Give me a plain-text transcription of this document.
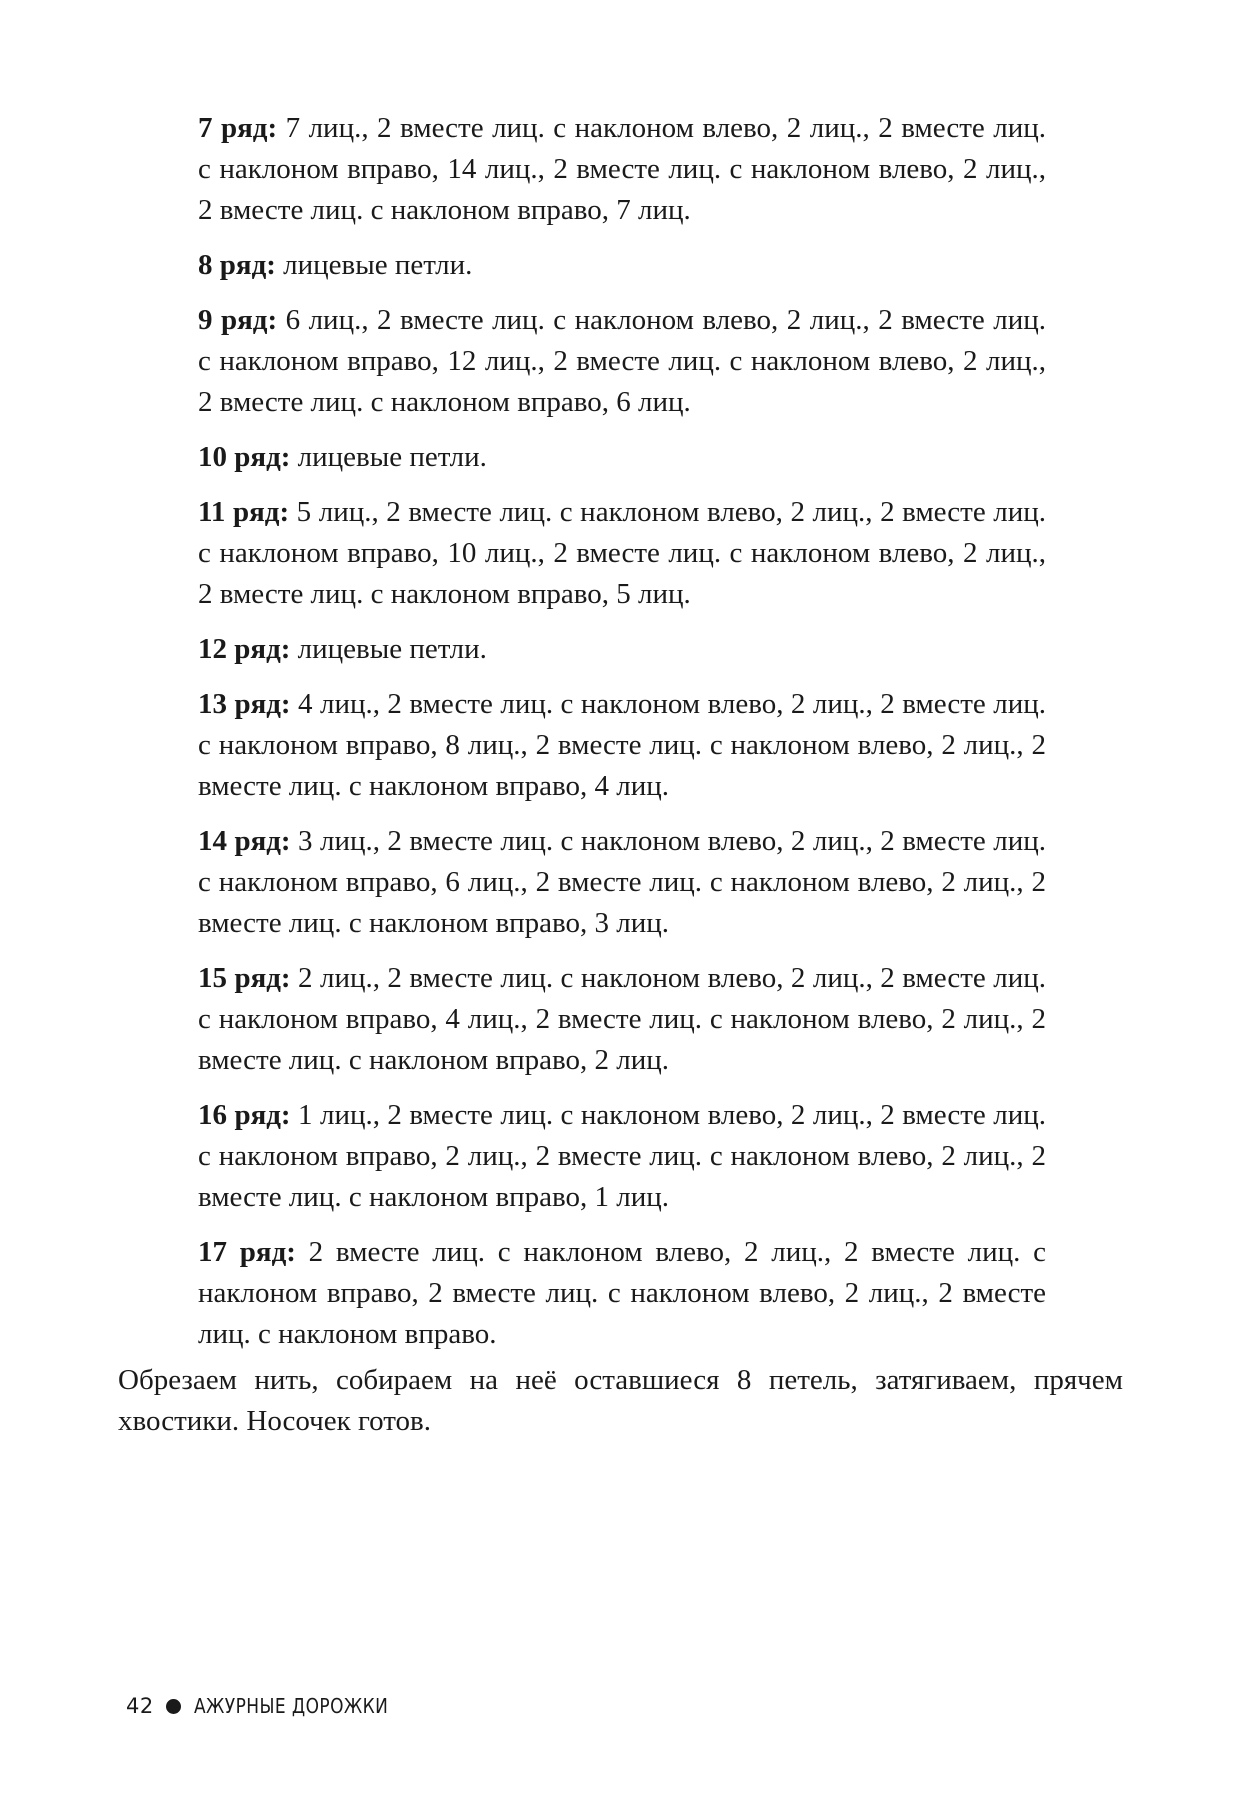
7 ряд: 7 лиц., 2 вместе лиц. с наклоном влево, 2 лиц., 2 вместе лиц. с наклоном вправо, 14 лиц., 2 вместе лиц. с наклоном влево, 2 лиц., 2 вместе лиц. с наклоном вправо, 7 лиц.

8 ряд: лицевые петли.

9 ряд: 6 лиц., 2 вместе лиц. с наклоном влево, 2 лиц., 2 вместе лиц. с наклоном вправо, 12 лиц., 2 вместе лиц. с наклоном влево, 2 лиц., 2 вместе лиц. с наклоном вправо, 6 лиц.

10 ряд: лицевые петли.

11 ряд: 5 лиц., 2 вместе лиц. с наклоном влево, 2 лиц., 2 вместе лиц. с наклоном вправо, 10 лиц., 2 вместе лиц. с наклоном влево, 2 лиц., 2 вместе лиц. с наклоном вправо, 5 лиц.

12 ряд: лицевые петли.

13 ряд: 4 лиц., 2 вместе лиц. с наклоном влево, 2 лиц., 2 вместе лиц. с наклоном вправо, 8 лиц., 2 вместе лиц. с наклоном влево, 2 лиц., 2 вместе лиц. с наклоном вправо, 4 лиц.

14 ряд: 3 лиц., 2 вместе лиц. с наклоном влево, 2 лиц., 2 вместе лиц. с наклоном вправо, 6 лиц., 2 вместе лиц. с наклоном влево, 2 лиц., 2 вместе лиц. с наклоном вправо, 3 лиц.

15 ряд: 2 лиц., 2 вместе лиц. с наклоном влево, 2 лиц., 2 вместе лиц. с наклоном вправо, 4 лиц., 2 вместе лиц. с наклоном влево, 2 лиц., 2 вместе лиц. с наклоном вправо, 2 лиц.

16 ряд: 1 лиц., 2 вместе лиц. с наклоном влево, 2 лиц., 2 вместе лиц. с наклоном вправо, 2 лиц., 2 вместе лиц. с наклоном влево, 2 лиц., 2 вместе лиц. с наклоном вправо, 1 лиц.

17 ряд: 2 вместе лиц. с наклоном влево, 2 лиц., 2 вместе лиц. с наклоном вправо, 2 вместе лиц. с наклоном влево, 2 лиц., 2 вместе лиц. с наклоном вправо.

Обрезаем нить, собираем на неё оставшиеся 8 петель, затягиваем, прячем хвостики. Носочек готов.

42 АЖУРНЫЕ ДОРОЖКИ
